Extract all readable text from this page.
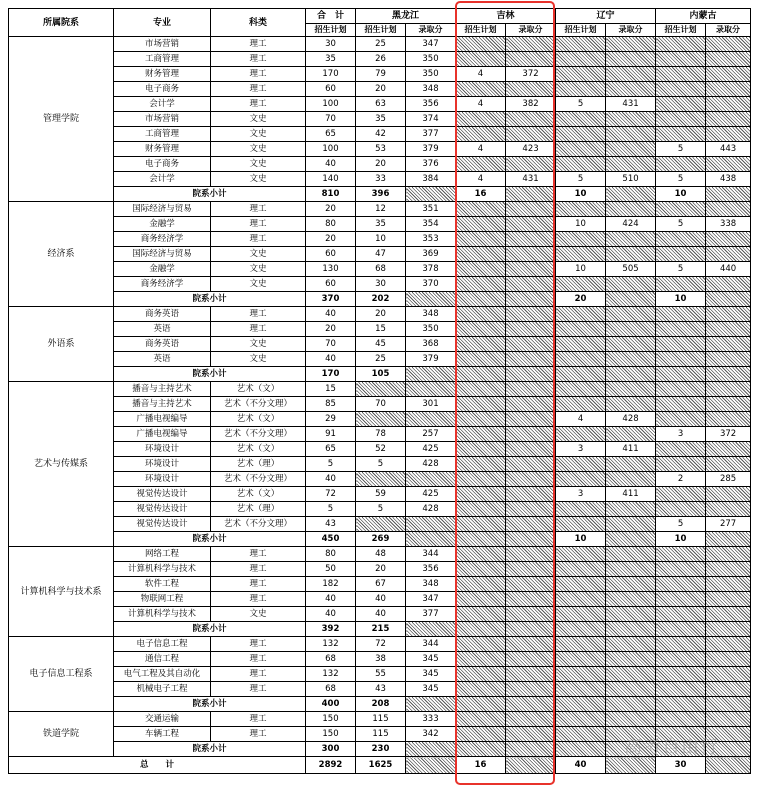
所属院系	专业	科类	合　计	黑龙江		吉林		辽宁		内蒙古	
			招生计划	招生计划	录取分	招生计划	录取分	招生计划	录取分	招生计划	录取分
管理学院	市场营销	理工	30	25	347						
	工商管理	理工	35	26	350						
	财务管理	理工	170	79	350	4	372				
	电子商务	理工	60	20	348						
	会计学	理工	100	63	356	4	382	5	431		
	市场营销	文史	70	35	374						
	工商管理	文史	65	42	377						
	财务管理	文史	100	53	379	4	423			5	443
	电子商务	文史	40	20	376						
	会计学	文史	140	33	384	4	431	5	510	5	438
	院系小计		810	396		16		10		10	
经济系	国际经济与贸易	理工	20	12	351						
	金融学	理工	80	35	354			10	424	5	338
	商务经济学	理工	20	10	353						
	国际经济与贸易	文史	60	47	369						
	金融学	文史	130	68	378			10	505	5	440
	商务经济学	文史	60	30	370						
	院系小计		370	202				20		10	
外语系	商务英语	理工	40	20	348						
	英语	理工	20	15	350						
	商务英语	文史	70	45	368						
	英语	文史	40	25	379						
	院系小计		170	105							
艺术与传媒系	播音与主持艺术	艺术（文）	15								
	播音与主持艺术	艺术（不分文理）	85	70	301						
	广播电视编导	艺术（文）	29					4	428		
	广播电视编导	艺术（不分文理）	91	78	257					3	372
	环境设计	艺术（文）	65	52	425			3	411		
	环境设计	艺术（理）	5	5	428						
	环境设计	艺术（不分文理）	40							2	285
	视觉传达设计	艺术（文）	72	59	425			3	411		
	视觉传达设计	艺术（理）	5	5	428						
	视觉传达设计	艺术（不分文理）	43							5	277
	院系小计		450	269				10		10	
计算机科学与技术系	网络工程	理工	80	48	344						
	计算机科学与技术	理工	50	20	356						
	软件工程	理工	182	67	348						
	物联网工程	理工	40	40	347						
	计算机科学与技术	文史	40	40	377						
	院系小计		392	215							
电子信息工程系	电子信息工程	理工	132	72	344						
	通信工程	理工	68	38	345						
	电气工程及其自动化	理工	132	55	345						
	机械电子工程	理工	68	43	345						
	院系小计		400	208							
铁道学院	交通运输	理工	150	115	333						
	车辆工程	理工	150	115	342						
	院系小计		300	230							
总　　计			2892	1625		16		40		30	
高考自由行
